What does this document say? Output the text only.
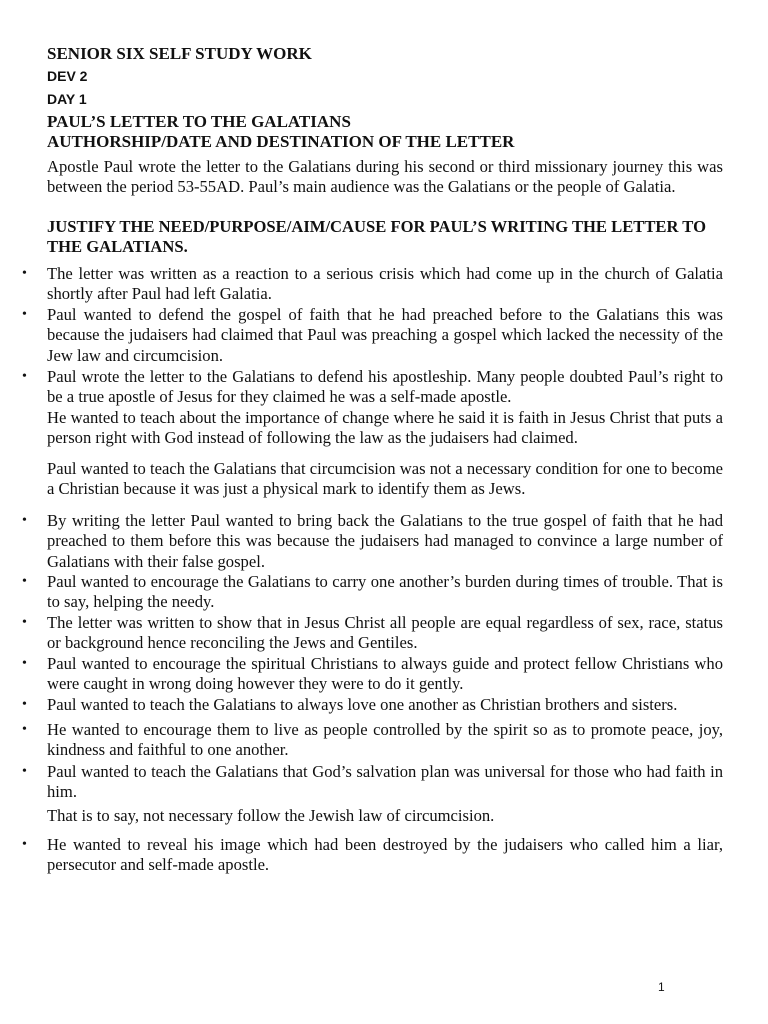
SENIOR SIX SELF STUDY WORK
DEV 2
DAY 1
PAUL’S LETTER TO THE GALATIANS
AUTHORSHIP/DATE AND DESTINATION OF THE LETTER
Apostle Paul wrote the letter to the Galatians during his second or third missionary journey this was between the period 53-55AD. Paul’s main audience was the Galatians or the people of Galatia.
JUSTIFY THE NEED/PURPOSE/AIM/CAUSE FOR PAUL’S WRITING THE LETTER TO THE GALATIANS.
• The letter was written as a reaction to a serious crisis which had come up in the church of Galatia shortly after Paul had left Galatia.
• Paul wanted to defend the gospel of faith that he had preached before to the Galatians this was because the judaisers had claimed that Paul was preaching a gospel which lacked the necessity of the Jew law and circumcision.
• Paul wrote the letter to the Galatians to defend his apostleship. Many people doubted Paul’s right to be a true apostle of Jesus for they claimed he was a self-made apostle.
He wanted to teach about the importance of change where he said it is faith in Jesus Christ that puts a person right with God instead of following the law as the judaisers had claimed.
Paul wanted to teach the Galatians that circumcision was not a necessary condition for one to become a Christian because it was just a physical mark to identify them as Jews.
• By writing the letter Paul wanted to bring back the Galatians to the true gospel of faith that he had preached to them before this was because the judaisers had managed to convince a large number of Galatians with their false gospel.
• Paul wanted to encourage the Galatians to carry one another’s burden during times of trouble. That is to say, helping the needy.
• The letter was written to show that in Jesus Christ all people are equal regardless of sex, race, status or background hence reconciling the Jews and Gentiles.
• Paul wanted to encourage the spiritual Christians to always guide and protect fellow Christians who were caught in wrong doing however they were to do it gently.
• Paul wanted to teach the Galatians to always love one another as Christian brothers and sisters.
• He wanted to encourage them to live as people controlled by the spirit so as to promote peace, joy, kindness and faithful to one another.
• Paul wanted to teach the Galatians that God’s salvation plan was universal for those who had faith in him.
That is to say, not necessary follow the Jewish law of circumcision.
• He wanted to reveal his image which had been destroyed by the judaisers who called him a liar, persecutor and self-made apostle.
1
